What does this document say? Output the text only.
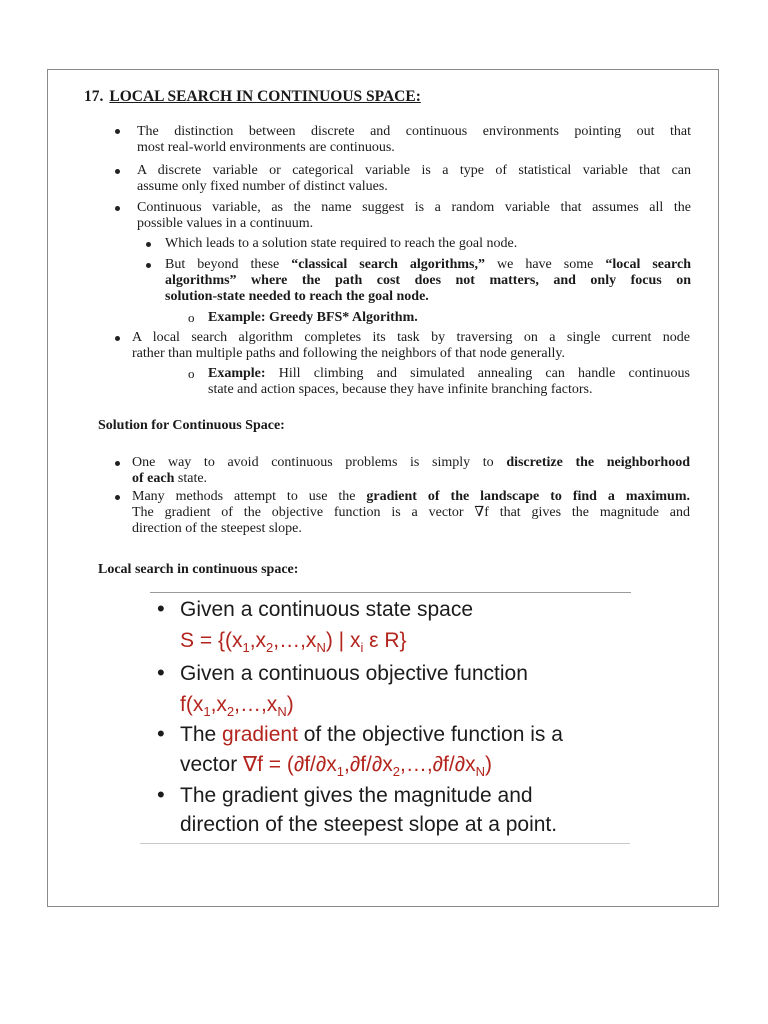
17. LOCAL SEARCH IN CONTINUOUS SPACE:
The distinction between discrete and continuous environments pointing out that
most real-world environments are continuous.
A discrete variable or categorical variable is a type of statistical variable that can
assume only fixed number of distinct values.
Continuous variable, as the name suggest is a random variable that assumes all the
possible values in a continuum.
Which leads to a solution state required to reach the goal node.
But beyond these “classical search algorithms,” we have some “local search
algorithms” where the path cost does not matters, and only focus on
solution-state needed to reach the goal node.
o Example: Greedy BFS* Algorithm.
A local search algorithm completes its task by traversing on a single current node
rather than multiple paths and following the neighbors of that node generally.
o Example: Hill climbing and simulated annealing can handle continuous
state and action spaces, because they have infinite branching factors.
Solution for Continuous Space:
One way to avoid continuous problems is simply to discretize the neighborhood
of each state.
Many methods attempt to use the gradient of the landscape to find a maximum.
The gradient of the objective function is a vector ∇f that gives the magnitude and
direction of the steepest slope.
Local search in continuous space:
• Given a continuous state space
$S = \{(x_1,x_2,\dots,x_N)$ | $x_i$ ε R}
• Given a continuous objective function
$f(x_1,x_2,\dots,x_N)$
• The gradient of the objective function is a
vector $\nabla f = (\partial f/\partial x_1,\partial f/\partial x_2,\dots,\partial f/\partial x_N)$
• The gradient gives the magnitude and
direction of the steepest slope at a point.
